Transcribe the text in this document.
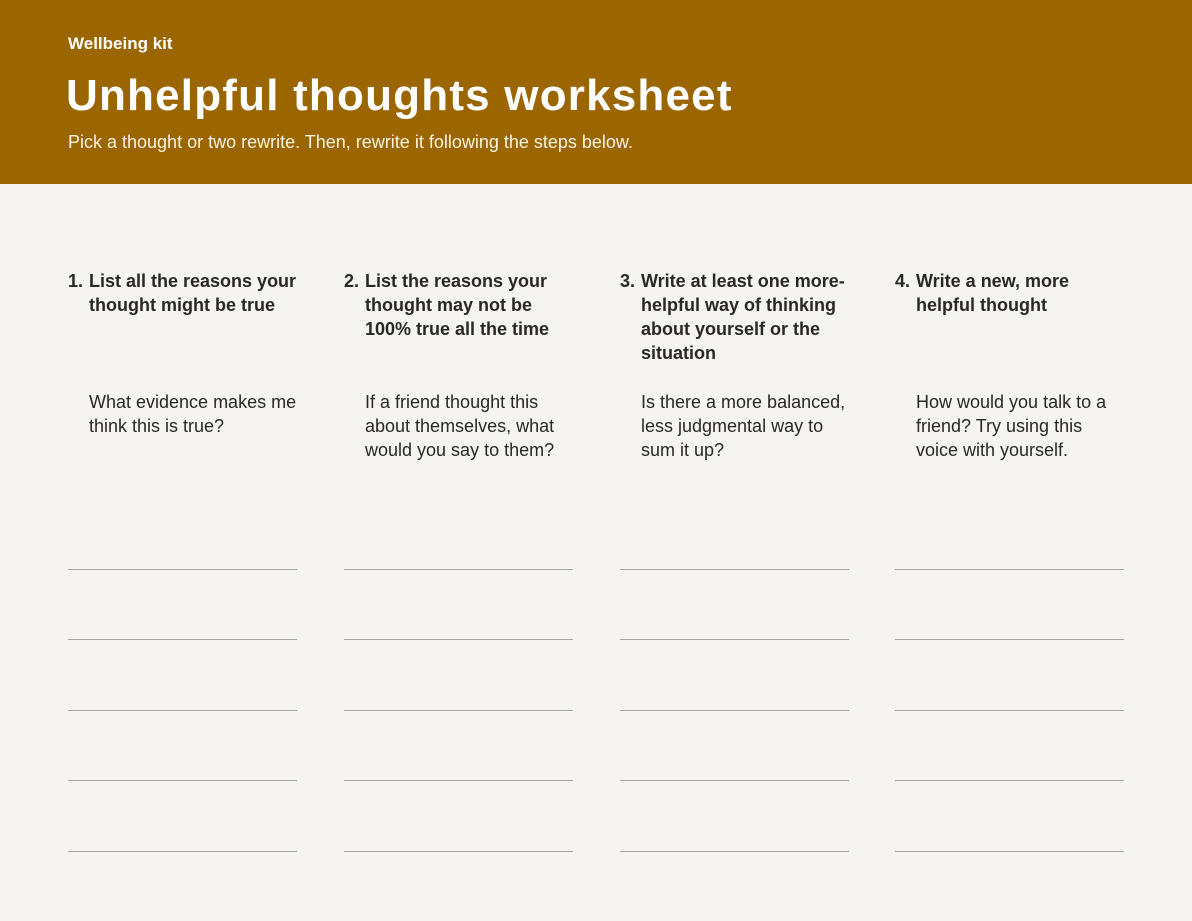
Wellbeing kit
Unhelpful thoughts worksheet
Pick a thought or two rewrite. Then, rewrite it following the steps below.
1. List all the reasons your thought might be true
What evidence makes me think this is true?
2. List the reasons your thought may not be 100% true all the time
If a friend thought this about themselves, what would you say to them?
3. Write at least one more-helpful way of thinking about yourself or the situation
Is there a more balanced, less judgmental way to sum it up?
4. Write a new, more helpful thought
How would you talk to a friend? Try using this voice with yourself.
